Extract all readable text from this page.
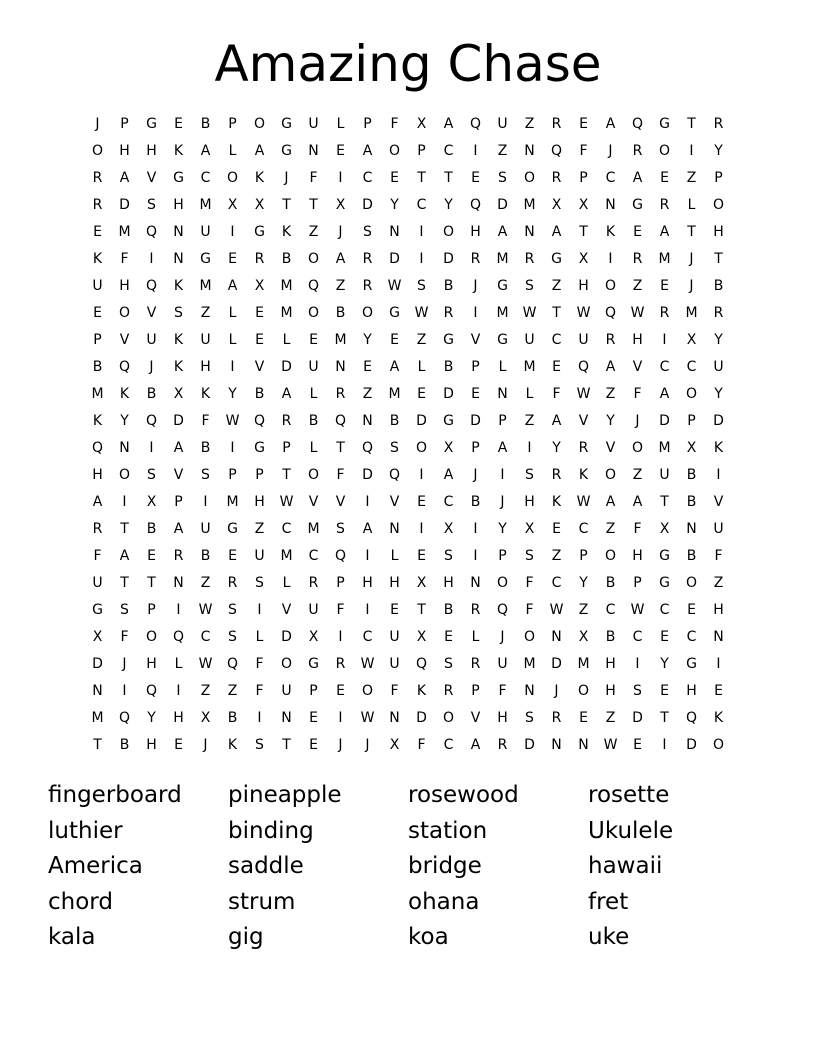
Amazing Chase
J	P	G	E	B	P	O	G	U	L	P	F	X	A	Q	U	Z	R	E	A	Q	G	T	R
O	H	H	K	A	L	A	G	N	E	A	O	P	C	I	Z	N	Q	F	J	R	O	I	Y
R	A	V	G	C	O	K	J	F	I	C	E	T	T	E	S	O	R	P	C	A	E	Z	P
R	D	S	H	M	X	X	T	T	X	D	Y	C	Y	Q	D	M	X	X	N	G	R	L	O
E	M	Q	N	U	I	G	K	Z	J	S	N	I	O	H	A	N	A	T	K	E	A	T	H
K	F	I	N	G	E	R	B	O	A	R	D	I	D	R	M	R	G	X	I	R	M	J	T
U	H	Q	K	M	A	X	M	Q	Z	R	W	S	B	J	G	S	Z	H	O	Z	E	J	B
E	O	V	S	Z	L	E	M	O	B	O	G	W	R	I	M	W	T	W	Q	W	R	M	R
P	V	U	K	U	L	E	L	E	M	Y	E	Z	G	V	G	U	C	U	R	H	I	X	Y
B	Q	J	K	H	I	V	D	U	N	E	A	L	B	P	L	M	E	Q	A	V	C	C	U
M	K	B	X	K	Y	B	A	L	R	Z	M	E	D	E	N	L	F	W	Z	F	A	O	Y
K	Y	Q	D	F	W	Q	R	B	Q	N	B	D	G	D	P	Z	A	V	Y	J	D	P	D
Q	N	I	A	B	I	G	P	L	T	Q	S	O	X	P	A	I	Y	R	V	O	M	X	K
H	O	S	V	S	P	P	T	O	F	D	Q	I	A	J	I	S	R	K	O	Z	U	B	I
A	I	X	P	I	M	H	W	V	V	I	V	E	C	B	J	H	K	W	A	A	T	B	V
R	T	B	A	U	G	Z	C	M	S	A	N	I	X	I	Y	X	E	C	Z	F	X	N	U
F	A	E	R	B	E	U	M	C	Q	I	L	E	S	I	P	S	Z	P	O	H	G	B	F
U	T	T	N	Z	R	S	L	R	P	H	H	X	H	N	O	F	C	Y	B	P	G	O	Z
G	S	P	I	W	S	I	V	U	F	I	E	T	B	R	Q	F	W	Z	C	W	C	E	H
X	F	O	Q	C	S	L	D	X	I	C	U	X	E	L	J	O	N	X	B	C	E	C	N
D	J	H	L	W	Q	F	O	G	R	W	U	Q	S	R	U	M	D	M	H	I	Y	G	I
N	I	Q	I	Z	Z	F	U	P	E	O	F	K	R	P	F	N	J	O	H	S	E	H	E
M	Q	Y	H	X	B	I	N	E	I	W	N	D	O	V	H	S	R	E	Z	D	T	Q	K
T	B	H	E	J	K	S	T	E	J	J	X	F	C	A	R	D	N	N	W	E	I	D	O
fingerboard	pineapple	rosewood	rosette
luthier	binding	station	Ukulele
America	saddle	bridge	hawaii
chord	strum	ohana	fret
kala	gig	koa	uke
